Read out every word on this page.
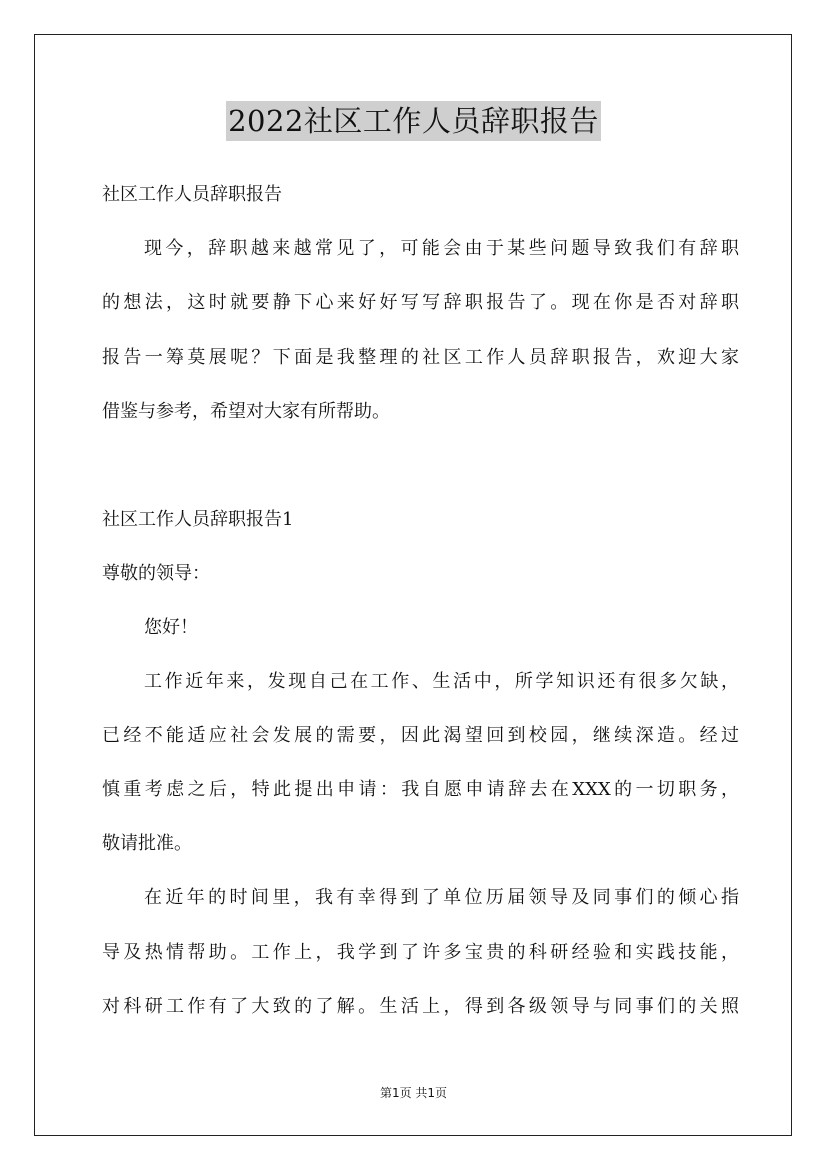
2022社区工作人员辞职报告
社区工作人员辞职报告
现今，辞职越来越常见了，可能会由于某些问题导致我们有辞职
的想法，这时就要静下心来好好写写辞职报告了。现在你是否对辞职
报告一筹莫展呢？下面是我整理的社区工作人员辞职报告，欢迎大家
借鉴与参考，希望对大家有所帮助。
社区工作人员辞职报告1
尊敬的领导：
您好！
工作近年来，发现自己在工作、生活中，所学知识还有很多欠缺，
已经不能适应社会发展的需要，因此渴望回到校园，继续深造。经过
慎重考虑之后，特此提出申请：我自愿申请辞去在XXX的一切职务，
敬请批准。
在近年的时间里，我有幸得到了单位历届领导及同事们的倾心指
导及热情帮助。工作上，我学到了许多宝贵的科研经验和实践技能，
对科研工作有了大致的了解。生活上，得到各级领导与同事们的关照
第1页 共1页
